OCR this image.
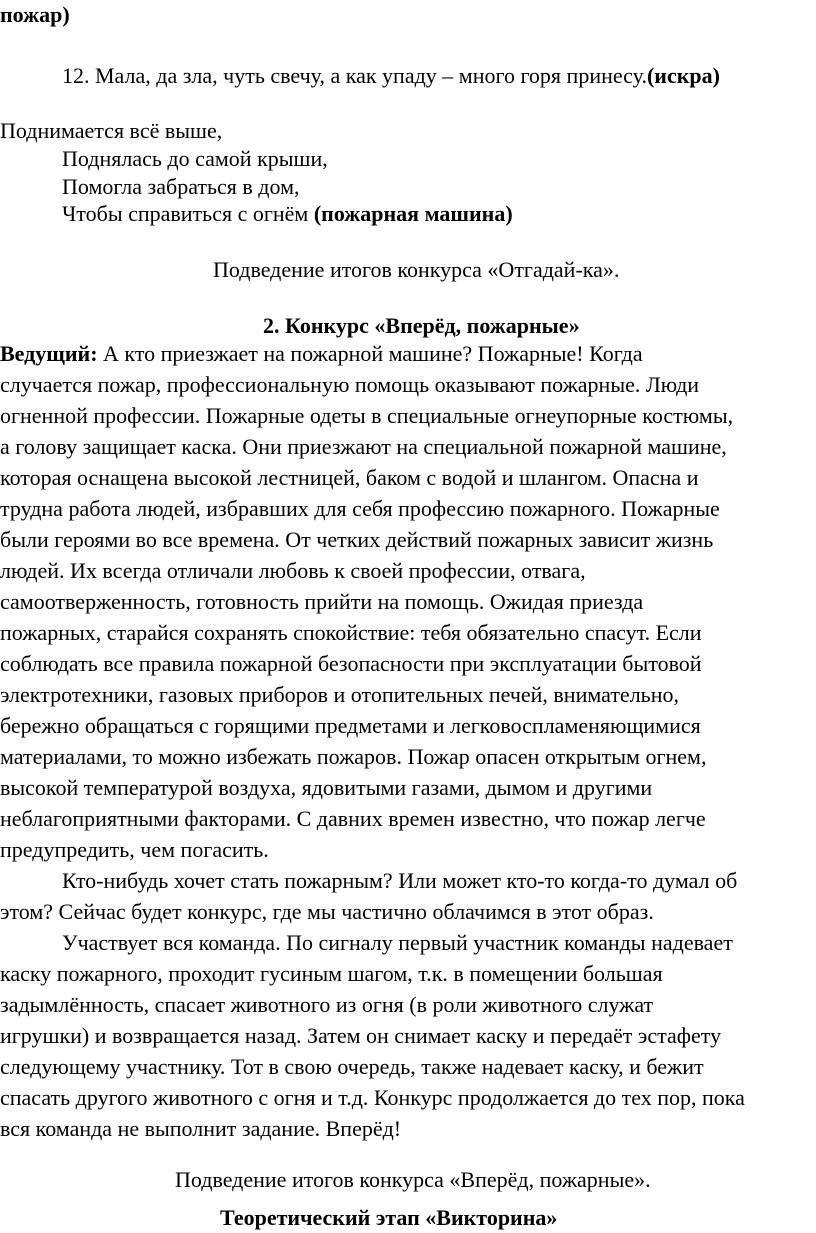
пожар)
12. Мала, да зла, чуть свечу, а как упаду – много горя принесу.(искра)
Поднимается всё выше,
Поднялась до самой крыши,
Помогла забраться в дом,
Чтобы справиться с огнём (пожарная машина)
Подведение итогов конкурса «Отгадай-ка».
2. Конкурс «Вперёд, пожарные»
Ведущий: А кто приезжает на пожарной машине? Пожарные! Когда
случается пожар, профессиональную помощь оказывают пожарные. Люди
огненной профессии. Пожарные одеты в специальные огнеупорные костюмы,
а голову защищает каска. Они приезжают на специальной пожарной машине,
которая оснащена высокой лестницей, баком с водой и шлангом. Опасна и
трудна работа людей, избравших для себя профессию пожарного. Пожарные
были героями во все времена. От четких действий пожарных зависит жизнь
людей. Их всегда отличали любовь к своей профессии, отвага,
самоотверженность, готовность прийти на помощь. Ожидая приезда
пожарных, старайся сохранять спокойствие: тебя обязательно спасут. Если
соблюдать все правила пожарной безопасности при эксплуатации бытовой
электротехники, газовых приборов и отопительных печей, внимательно,
бережно обращаться с горящими предметами и легковоспламеняющимися
материалами, то можно избежать пожаров. Пожар опасен открытым огнем,
высокой температурой воздуха, ядовитыми газами, дымом и другими
неблагоприятными факторами. С давних времен известно, что пожар легче
предупредить, чем погасить.
Кто-нибудь хочет стать пожарным? Или может кто-то когда-то думал об
этом? Сейчас будет конкурс, где мы частично облачимся в этот образ.
Участвует вся команда. По сигналу первый участник команды надевает
каску пожарного, проходит гусиным шагом, т.к. в помещении большая
задымлённость, спасает животного из огня (в роли животного служат
игрушки) и возвращается назад. Затем он снимает каску и передаёт эстафету
следующему участнику. Тот в свою очередь, также надевает каску, и бежит
спасать другого животного с огня и т.д. Конкурс продолжается до тех пор, пока
вся команда не выполнит задание. Вперёд!
Подведение итогов конкурса «Вперёд, пожарные».
Теоретический этап «Викторина»
